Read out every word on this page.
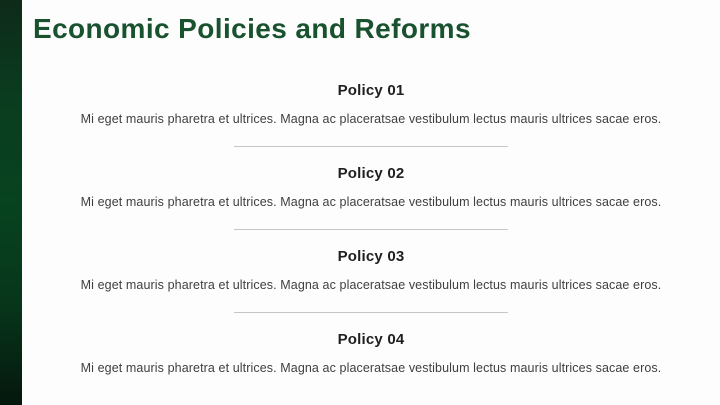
Economic Policies and Reforms
Policy 01

Mi eget mauris pharetra et ultrices. Magna ac placeratsae vestibulum lectus mauris ultrices sacae eros.

Policy 02

Mi eget mauris pharetra et ultrices. Magna ac placeratsae vestibulum lectus mauris ultrices sacae eros.

Policy 03

Mi eget mauris pharetra et ultrices. Magna ac placeratsae vestibulum lectus mauris ultrices sacae eros.

Policy 04

Mi eget mauris pharetra et ultrices. Magna ac placeratsae vestibulum lectus mauris ultrices sacae eros.
